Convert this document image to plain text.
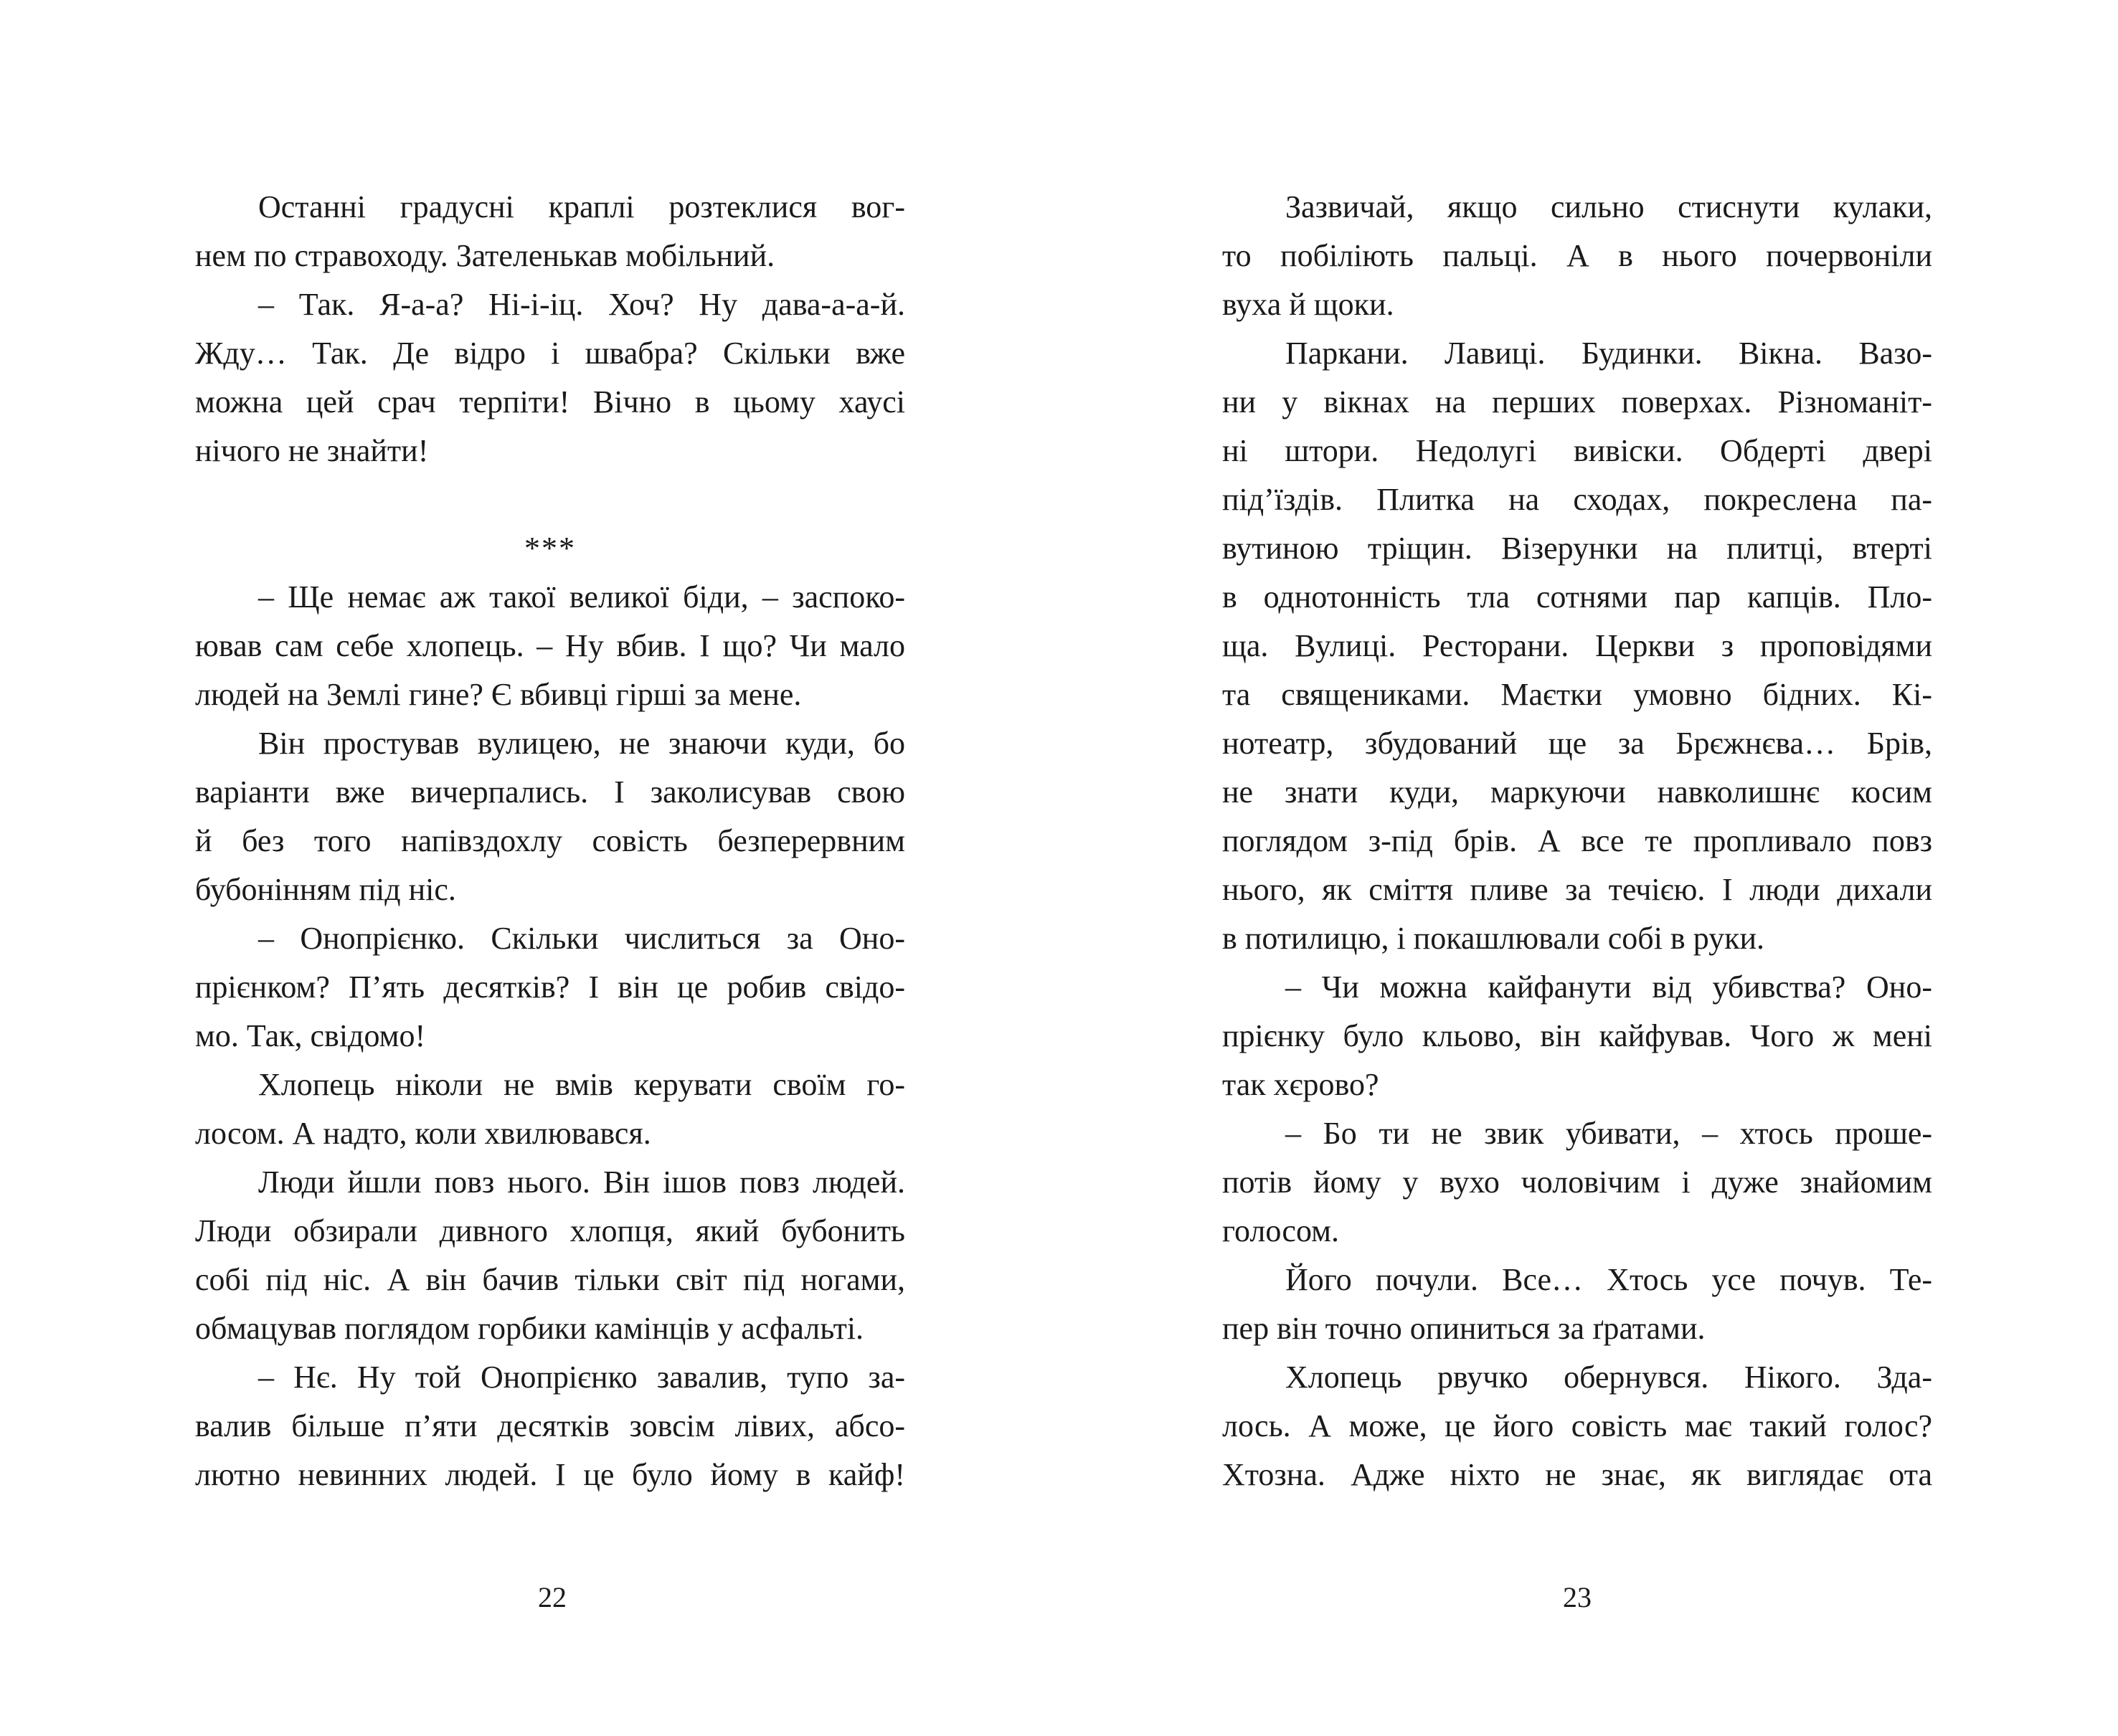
Останні градусні краплі розтеклися вог-
нем по стравоходу. Зателенькав мобільний.
– Так. Я-а-а? Ні-і-іц. Хоч? Ну дава-а-а-й.
Жду… Так. Де відро і швабра? Скільки вже
можна цей срач терпіти! Вічно в цьому хаусі
нічого не знайти!
***
– Ще немає аж такої великої біди, – заспоко-
ював сам себе хлопець. – Ну вбив. І що? Чи мало
людей на Землі гине? Є вбивці гірші за мене.
Він простував вулицею, не знаючи куди, бо
варіанти вже вичерпались. І заколисував свою
й без того напівздохлу совість безперервним
бубонінням під ніс.
– Онопрієнко. Скільки числиться за Оно-
прієнком? П’ять десятків? І він це робив свідо-
мо. Так, свідомо!
Хлопець ніколи не вмів керувати своїм го-
лосом. А надто, коли хвилювався.
Люди йшли повз нього. Він ішов повз людей.
Люди обзирали дивного хлопця, який бубонить
собі під ніс. А він бачив тільки світ під ногами,
обмацував поглядом горбики камінців у асфальті.
– Нє. Ну той Онопрієнко завалив, тупо за-
валив більше п’яти десятків зовсім лівих, абсо-
лютно невинних людей. І це було йому в кайф!
22
Зазвичай, якщо сильно стиснути кулаки,
то побіліють пальці. А в нього почервоніли
вуха й щоки.
Паркани. Лавиці. Будинки. Вікна. Вазо-
ни у вікнах на перших поверхах. Різноманіт-
ні штори. Недолугі вивіски. Обдерті двері
під’їздів. Плитка на сходах, покреслена па-
вутиною тріщин. Візерунки на плитці, втерті
в однотонність тла сотнями пар капців. Пло-
ща. Вулиці. Ресторани. Церкви з проповідями
та священиками. Маєтки умовно бідних. Кі-
нотеатр, збудований ще за Брєжнєва… Брів,
не знати куди, маркуючи навколишнє косим
поглядом з-під брів. А все те пропливало повз
нього, як сміття пливе за течією. І люди дихали
в потилицю, і покашлювали собі в руки.
– Чи можна кайфанути від убивства? Оно-
прієнку було кльово, він кайфував. Чого ж мені
так хєрово?
– Бо ти не звик убивати, – хтось проше-
потів йому у вухо чоловічим і дуже знайомим
голосом.
Його почули. Все… Хтось усе почув. Те-
пер він точно опиниться за ґратами.
Хлопець рвучко обернувся. Нікого. Зда-
лось. А може, це його совість має такий голос?
Хтозна. Адже ніхто не знає, як виглядає ота
23
